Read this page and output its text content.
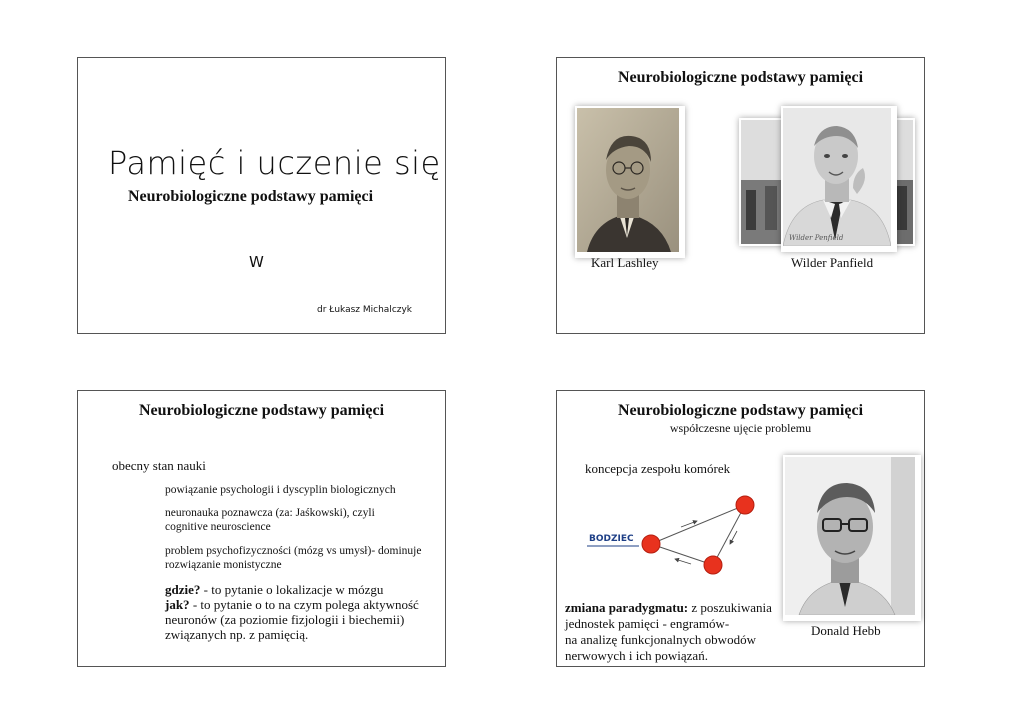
Pamięć i uczenie się
Neurobiologiczne podstawy pamięci
W
dr Łukasz Michalczyk
Neurobiologiczne podstawy pamięci
Karl Lashley
Wilder Penfield
Wilder Panfield
Neurobiologiczne podstawy pamięci
obecny stan nauki
powiązanie psychologii i dyscyplin biologicznych
neuronauka poznawcza (za: Jaśkowski), czyli
cognitive neuroscience
problem psychofizyczności (mózg vs umysł)- dominuje
rozwiązanie monistyczne
gdzie? - to pytanie o lokalizacje w mózgu
jak? - to pytanie o to na czym polega aktywność
neuronów (za poziomie fizjologii i biechemii)
związanych np. z pamięcią.
Neurobiologiczne podstawy pamięci
współczesne ujęcie problemu
koncepcja zespołu komórek
BODZIEC
Donald Hebb
zmiana paradygmatu: z poszukiwania
jednostek pamięci - engramów-
na analizę funkcjonalnych obwodów
nerwowych i ich powiązań.
